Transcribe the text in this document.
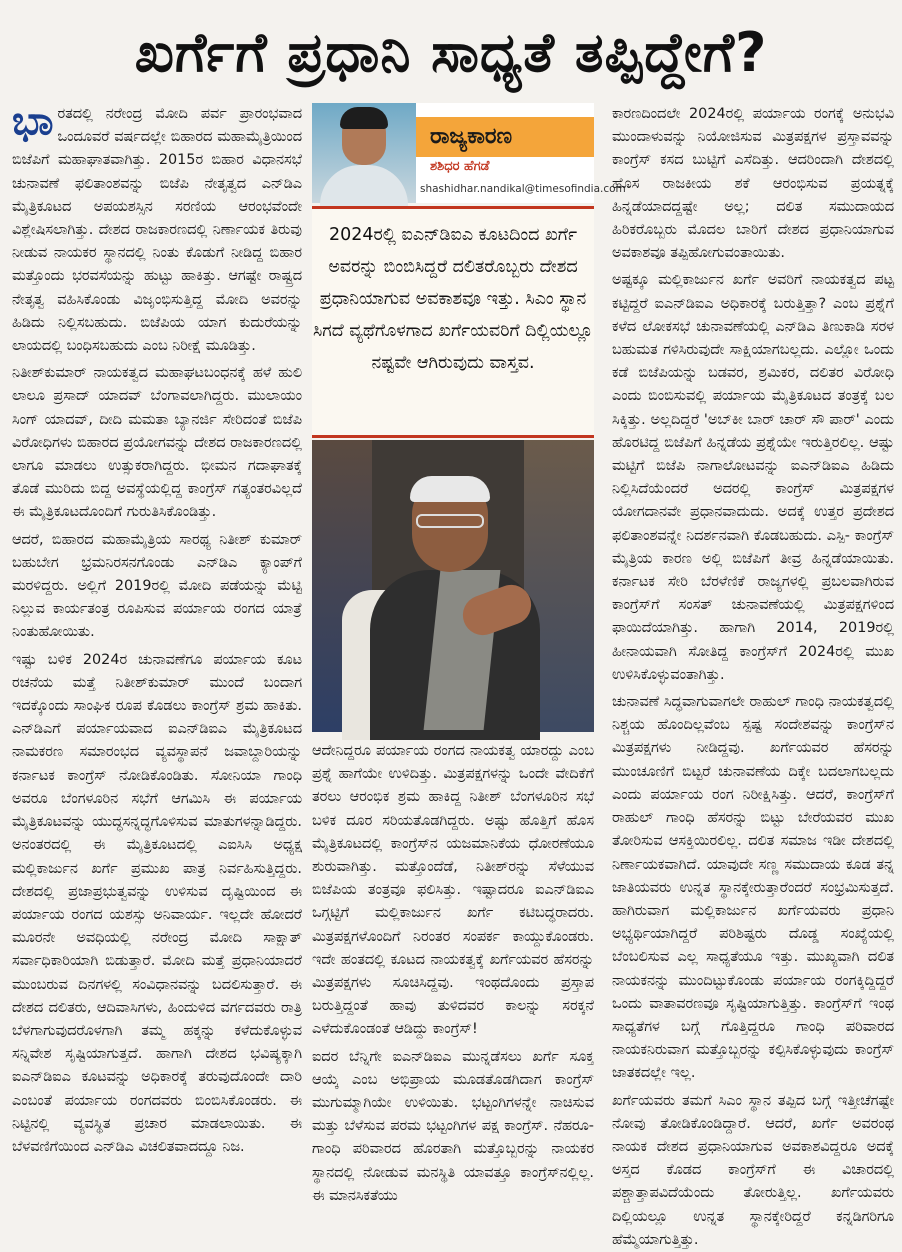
ಖರ್ಗೆಗೆ ಪ್ರಧಾನಿ ಸಾಧ್ಯತೆ ತಪ್ಪಿದ್ದೇಗೆ?

ಭಾರತದಲ್ಲಿ ನರೇಂದ್ರ ಮೋದಿ ಪರ್ವ ಪ್ರಾರಂಭವಾದ ಒಂದೂವರೆ ವರ್ಷದಲ್ಲೇ ಬಿಹಾರದ ಮಹಾಮೈತ್ರಿಯಿಂದ ಬಿಜೆಪಿಗೆ ಮಹಾಘಾತವಾಗಿತ್ತು. 2015ರ ಬಿಹಾರ ವಿಧಾನಸಭೆ ಚುನಾವಣೆ ಫಲಿತಾಂಶವನ್ನು ಬಿಜೆಪಿ ನೇತೃತ್ವದ ಎನ್‌ಡಿಎ ಮೈತ್ರಿಕೂಟದ ಅಪಯಶಸ್ಸಿನ ಸರಣಿಯ ಆರಂಭವೆಂದೇ ವಿಶ್ಲೇಷಿಸಲಾಗಿತ್ತು. ದೇಶದ ರಾಜಕಾರಣದಲ್ಲಿ ನಿರ್ಣಾಯಕ ತಿರುವು ನೀಡುವ ನಾಯಕರ ಸ್ಥಾನದಲ್ಲಿ ನಿಂತು ಕೊಡುಗೆ ನೀಡಿದ್ದ ಬಿಹಾರ ಮತ್ತೊಂದು ಭರವಸೆಯನ್ನು ಹುಟ್ಟು ಹಾಕಿತ್ತು. ಆಗಷ್ಟೇ ರಾಷ್ಟ್ರದ ನೇತೃತ್ವ ವಹಿಸಿಕೊಂಡು ವಿಜೃಂಭಿಸುತ್ತಿದ್ದ ಮೋದಿ ಅವರನ್ನು ಹಿಡಿದು ನಿಲ್ಲಿಸಬಹುದು. ಬಿಜೆಪಿಯ ಯಾಗ ಕುದುರೆಯನ್ನು ಲಾಯದಲ್ಲಿ ಬಂಧಿಸಬಹುದು ಎಂಬ ನಿರೀಕ್ಷೆ ಮೂಡಿತ್ತು.

ನಿತೀಶ್‌ಕುಮಾರ್ ನಾಯಕತ್ವದ ಮಹಾಘಟಬಂಧನಕ್ಕೆ ಹಳೆ ಹುಲಿ ಲಾಲೂ ಪ್ರಸಾದ್ ಯಾದವ್ ಬೆಂಗಾವಲಾಗಿದ್ದರು. ಮುಲಾಯಂ ಸಿಂಗ್ ಯಾದವ್, ದೀದಿ ಮಮತಾ ಬ್ಯಾನರ್ಜಿ ಸೇರಿದಂತೆ ಬಿಜೆಪಿ ವಿರೋಧಿಗಳು ಬಿಹಾರದ ಪ್ರಯೋಗವನ್ನು ದೇಶದ ರಾಜಕಾರಣದಲ್ಲಿ ಲಾಗೂ ಮಾಡಲು ಉತ್ಸುಕರಾಗಿದ್ದರು. ಭೀಮನ ಗದಾಘಾತಕ್ಕೆ ತೊಡೆ ಮುರಿದು ಬಿದ್ದ ಅವಸ್ಥೆಯಲ್ಲಿದ್ದ ಕಾಂಗ್ರೆಸ್ ಗತ್ಯಂತರವಿಲ್ಲದೆ ಈ ಮೈತ್ರಿಕೂಟದೊಂದಿಗೆ ಗುರುತಿಸಿಕೊಂಡಿತ್ತು.

ಆದರೆ, ಬಿಹಾರದ ಮಹಾಮೈತ್ರಿಯ ಸಾರಥ್ಯ ನಿತೀಶ್ ಕುಮಾರ್ ಬಹುಬೇಗ ಭ್ರಮನಿರಸನಗೊಂಡು ಎನ್‌ಡಿಎ ಕ್ಯಾಂಪ್‌ಗೆ ಮರಳಿದ್ದರು. ಅಲ್ಲಿಗೆ 2019ರಲ್ಲಿ ಮೋದಿ ಪಡೆಯನ್ನು ಮೆಟ್ಟಿ ನಿಲ್ಲುವ ಕಾರ್ಯತಂತ್ರ ರೂಪಿಸುವ ಪರ್ಯಾಯ ರಂಗದ ಯಾತ್ರೆ ನಿಂತುಹೋಯಿತು.

ಇಷ್ಟು ಬಳಿಕ 2024ರ ಚುನಾವಣೆಗೂ ಪರ್ಯಾಯ ಕೂಟ ರಚನೆಯ ಮತ್ತೆ ನಿತೀಶ್‌ಕುಮಾರ್ ಮುಂದೆ ಬಂದಾಗ ಇದಕ್ಕೊಂದು ಸಾಂಘಿಕ ರೂಪ ಕೊಡಲು ಕಾಂಗ್ರೆಸ್ ಶ್ರಮ ಹಾಕಿತು. ಎನ್‌ಡಿಎಗೆ ಪರ್ಯಾಯವಾದ ಐಎನ್‌ಡಿಐಎ ಮೈತ್ರಿಕೂಟದ ನಾಮಕರಣ ಸಮಾರಂಭದ ವ್ಯವಸ್ಥಾಪನೆ ಜವಾಬ್ದಾರಿಯನ್ನು ಕರ್ನಾಟಕ ಕಾಂಗ್ರೆಸ್ ನೋಡಿಕೊಂಡಿತು. ಸೋನಿಯಾ ಗಾಂಧಿ ಅವರೂ ಬೆಂಗಳೂರಿನ ಸಭೆಗೆ ಆಗಮಿಸಿ ಈ ಪರ್ಯಾಯ ಮೈತ್ರಿಕೂಟವನ್ನು ಯುದ್ಧಸನ್ನದ್ಧಗೊಳಿಸುವ ಮಾತುಗಳನ್ನಾಡಿದ್ದರು. ಅನಂತರದಲ್ಲಿ ಈ ಮೈತ್ರಿಕೂಟದಲ್ಲಿ ಎಐಸಿಸಿ ಅಧ್ಯಕ್ಷ ಮಲ್ಲಿಕಾರ್ಜುನ ಖರ್ಗೆ ಪ್ರಮುಖ ಪಾತ್ರ ನಿರ್ವಹಿಸುತ್ತಿದ್ದರು. ದೇಶದಲ್ಲಿ ಪ್ರಜಾಪ್ರಭುತ್ವವನ್ನು ಉಳಿಸುವ ದೃಷ್ಟಿಯಿಂದ ಈ ಪರ್ಯಾಯ ರಂಗದ ಯಶಸ್ಸು ಅನಿವಾರ್ಯ. ಇಲ್ಲದೇ ಹೋದರೆ ಮೂರನೇ ಅವಧಿಯಲ್ಲಿ ನರೇಂದ್ರ ಮೋದಿ ಸಾಕ್ಷಾತ್ ಸರ್ವಾಧಿಕಾರಿಯಾಗಿ ಬಿಡುತ್ತಾರೆ. ಮೋದಿ ಮತ್ತೆ ಪ್ರಧಾನಿಯಾದರೆ ಮುಂಬರುವ ದಿನಗಳಲ್ಲಿ ಸಂವಿಧಾನವನ್ನು ಬದಲಿಸುತ್ತಾರೆ. ಈ ದೇಶದ ದಲಿತರು, ಆದಿವಾಸಿಗಳು, ಹಿಂದುಳಿದ ವರ್ಗದವರು ರಾತ್ರಿ ಬೆಳಗಾಗುವುದರೊಳಗಾಗಿ ತಮ್ಮ ಹಕ್ಕನ್ನು ಕಳೆದುಕೊಳ್ಳುವ ಸನ್ನಿವೇಶ ಸೃಷ್ಟಿಯಾಗುತ್ತದೆ. ಹಾಗಾಗಿ ದೇಶದ ಭವಿಷ್ಯಕ್ಕಾಗಿ ಐಎನ್‌ಡಿಐಎ ಕೂಟವನ್ನು ಅಧಿಕಾರಕ್ಕೆ ತರುವುದೊಂದೇ ದಾರಿ ಎಂಬಂತೆ ಪರ್ಯಾಯ ರಂಗದವರು ಬಿಂಬಿಸಿಕೊಂಡರು. ಈ ನಿಟ್ಟಿನಲ್ಲಿ ವ್ಯವಸ್ಥಿತ ಪ್ರಚಾರ ಮಾಡಲಾಯಿತು. ಈ ಬೆಳವಣಿಗೆಯಿಂದ ಎನ್‌ಡಿಎ ವಿಚಲಿತವಾದದ್ದೂ ನಿಜ.

ರಾಜ್ಯಕಾರಣ
ಶಶಿಧರ ಹೆಗಡೆ
shashidhar.nandikal@timesofindia.com
2024ರಲ್ಲಿ ಐಎನ್‌ಡಿಐಎ ಕೂಟದಿಂದ ಖರ್ಗೆ ಅವರನ್ನು ಬಿಂಬಿಸಿದ್ದರೆ ದಲಿತರೊಬ್ಬರು ದೇಶದ ಪ್ರಧಾನಿಯಾಗುವ ಅವಕಾಶವೂ ಇತ್ತು. ಸಿಎಂ ಸ್ಥಾನ ಸಿಗದೆ ವ್ಯಥೆಗೊಳಗಾದ ಖರ್ಗೆಯವರಿಗೆ ದಿಲ್ಲಿಯಲ್ಲೂ ನಷ್ಟವೇ ಆಗಿರುವುದು ವಾಸ್ತವ.

ಆದೇನಿದ್ದರೂ ಪರ್ಯಾಯ ರಂಗದ ನಾಯಕತ್ವ ಯಾರದ್ದು ಎಂಬ ಪ್ರಶ್ನೆ ಹಾಗೆಯೇ ಉಳಿದಿತ್ತು. ಮಿತ್ರಪಕ್ಷಗಳನ್ನು ಒಂದೇ ವೇದಿಕೆಗೆ ತರಲು ಆರಂಭಿಕ ಶ್ರಮ ಹಾಕಿದ್ದ ನಿತೀಶ್ ಬೆಂಗಳೂರಿನ ಸಭೆ ಬಳಿಕ ದೂರ ಸರಿಯತೊಡಗಿದ್ದರು. ಅಷ್ಟು ಹೊತ್ತಿಗೆ ಹೊಸ ಮೈತ್ರಿಕೂಟದಲ್ಲಿ ಕಾಂಗ್ರೆಸ್‌ನ ಯಜಮಾನಿಕೆಯ ಧೋರಣೆಯೂ ಶುರುವಾಗಿತ್ತು. ಮತ್ತೊಂದೆಡೆ, ನಿತೀಶ್‌ರನ್ನು ಸೆಳೆಯುವ ಬಿಜೆಪಿಯ ತಂತ್ರವೂ ಫಲಿಸಿತ್ತು. ಇಷ್ಟಾದರೂ ಐಎನ್‌ಡಿಐಎ ಒಗ್ಗಟ್ಟಿಗೆ ಮಲ್ಲಿಕಾರ್ಜುನ ಖರ್ಗೆ ಕಟಿಬದ್ಧರಾದರು. ಮಿತ್ರಪಕ್ಷಗಳೊಂದಿಗೆ ನಿರಂತರ ಸಂಪರ್ಕ ಕಾಯ್ದುಕೊಂಡರು. ಇದೇ ಹಂತದಲ್ಲಿ ಕೂಟದ ನಾಯಕತ್ವಕ್ಕೆ ಖರ್ಗೆಯವರ ಹೆಸರನ್ನು ಮಿತ್ರಪಕ್ಷಗಳು ಸೂಚಿಸಿದ್ದವು. ಇಂಥದೊಂದು ಪ್ರಸ್ತಾಪ ಬರುತ್ತಿದ್ದಂತೆ ಹಾವು ತುಳಿದವರ ಕಾಲನ್ನು ಸರಕ್ಕನೆ ಎಳೆದುಕೊಂಡಂತೆ ಆಡಿದ್ದು ಕಾಂಗ್ರೆಸ್!

ಐದರ ಬೆನ್ನಿಗೇ ಐಎನ್‌ಡಿಐಎ ಮುನ್ನಡೆಸಲು ಖರ್ಗೆ ಸೂಕ್ತ ಆಯ್ಕೆ ಎಂಬ ಅಭಿಪ್ರಾಯ ಮೂಡತೊಡಗಿದಾಗ ಕಾಂಗ್ರೆಸ್ ಮುಗುಮ್ಮಾಗಿಯೇ ಉಳಿಯಿತು. ಭಟ್ಟಂಗಿಗಳನ್ನೇ ನಾಚಿಸುವ ಮತ್ತು ಬೆಳೆಸುವ ಪರಮ ಭಟ್ಟಂಗಿಗಳ ಪಕ್ಷ ಕಾಂಗ್ರೆಸ್. ನೆಹರೂ- ಗಾಂಧಿ ಪರಿವಾರದ ಹೊರತಾಗಿ ಮತ್ತೊಬ್ಬರನ್ನು ನಾಯಕರ ಸ್ಥಾನದಲ್ಲಿ ನೋಡುವ ಮನಸ್ಥಿತಿ ಯಾವತ್ತೂ ಕಾಂಗ್ರೆಸ್‌ನಲ್ಲಿಲ್ಲ. ಈ ಮಾನಸಿಕತೆಯು

ಕಾರಣದಿಂದಲೇ 2024ರಲ್ಲಿ ಪರ್ಯಾಯ ರಂಗಕ್ಕೆ ಅನುಭವಿ ಮುಂದಾಳುವನ್ನು ನಿಯೋಜಿಸುವ ಮಿತ್ರಪಕ್ಷಗಳ ಪ್ರಸ್ತಾವವನ್ನು ಕಾಂಗ್ರೆಸ್ ಕಸದ ಬುಟ್ಟಿಗೆ ಎಸೆದಿತ್ತು. ಆದರಿಂದಾಗಿ ದೇಶದಲ್ಲಿ ಹೊಸ ರಾಜಕೀಯ ಶಕೆ ಆರಂಭಿಸುವ ಪ್ರಯತ್ನಕ್ಕೆ ಹಿನ್ನಡೆಯಾದದ್ದಷ್ಟೇ ಅಲ್ಲ; ದಲಿತ ಸಮುದಾಯದ ಹಿರಿಕರೊಬ್ಬರು ಮೊದಲ ಬಾರಿಗೆ ದೇಶದ ಪ್ರಧಾನಿಯಾಗುವ ಅವಕಾಶವೂ ತಪ್ಪಿಹೋಗುವಂತಾಯಿತು.

ಅಷ್ಟಕ್ಕೂ ಮಲ್ಲಿಕಾರ್ಜುನ ಖರ್ಗೆ ಅವರಿಗೆ ನಾಯಕತ್ವದ ಪಟ್ಟ ಕಟ್ಟಿದ್ದರೆ ಐಎನ್‌ಡಿಐಎ ಅಧಿಕಾರಕ್ಕೆ ಬರುತ್ತಿತ್ತಾ? ಎಂಬ ಪ್ರಶ್ನೆಗೆ ಕಳೆದ ಲೋಕಸಭೆ ಚುನಾವಣೆಯಲ್ಲಿ ಎನ್‌ಡಿಎ ತಿಣುಕಾಡಿ ಸರಳ ಬಹುಮತ ಗಳಿಸಿರುವುದೇ ಸಾಕ್ಷಿಯಾಗಬಲ್ಲದು. ಎಲ್ಲೋ ಒಂದು ಕಡೆ ಬಿಜೆಪಿಯನ್ನು ಬಡವರ, ಶ್ರಮಿಕರ, ದಲಿತರ ವಿರೋಧಿ ಎಂದು ಬಿಂಬಿಸುವಲ್ಲಿ ಪರ್ಯಾಯ ಮೈತ್ರಿಕೂಟದ ತಂತ್ರಕ್ಕೆ ಬಲ ಸಿಕ್ಕಿತ್ತು. ಅಲ್ಲದಿದ್ದರೆ 'ಅಬ್‌ಕೀ ಬಾರ್ ಚಾರ್ ಸೌ ಪಾರ್' ಎಂದು ಹೊರಟಿದ್ದ ಬಿಜೆಪಿಗೆ ಹಿನ್ನಡೆಯ ಪ್ರಶ್ನೆಯೇ ಇರುತ್ತಿರಲಿಲ್ಲ. ಆಷ್ಟು ಮಟ್ಟಿಗೆ ಬಿಜೆಪಿ ನಾಗಾಲೋಟವನ್ನು ಐಎನ್‌ಡಿಐಎ ಹಿಡಿದು ನಿಲ್ಲಿಸಿದೆಯೆಂದರೆ ಅದರಲ್ಲಿ ಕಾಂಗ್ರೆಸ್ ಮಿತ್ರಪಕ್ಷಗಳ ಯೋಗದಾನವೇ ಪ್ರಧಾನವಾದುದು. ಅದಕ್ಕೆ ಉತ್ತರ ಪ್ರದೇಶದ ಫಲಿತಾಂಶವನ್ನೇ ನಿದರ್ಶನವಾಗಿ ಕೊಡಬಹುದು. ಎಸ್ಪಿ- ಕಾಂಗ್ರೆಸ್ ಮೈತ್ರಿಯ ಕಾರಣ ಅಲ್ಲಿ ಬಿಜೆಪಿಗೆ ತೀವ್ರ ಹಿನ್ನಡೆಯಾಯಿತು. ಕರ್ನಾಟಕ ಸೇರಿ ಬೆರಳೆಣಿಕೆ ರಾಜ್ಯಗಳಲ್ಲಿ ಪ್ರಬಲವಾಗಿರುವ ಕಾಂಗ್ರೆಸ್‌ಗೆ ಸಂಸತ್ ಚುನಾವಣೆಯಲ್ಲಿ ಮಿತ್ರಪಕ್ಷಗಳಿಂದ ಫಾಯಿದೆಯಾಗಿತ್ತು. ಹಾಗಾಗಿ 2014, 2019ರಲ್ಲಿ ಹೀನಾಯವಾಗಿ ಸೋತಿದ್ದ ಕಾಂಗ್ರೆಸ್‌ಗೆ 2024ರಲ್ಲಿ ಮುಖ ಉಳಿಸಿಕೊಳ್ಳುವಂತಾಗಿತ್ತು.

ಚುನಾವಣೆ ಸಿದ್ಧವಾಗುವಾಗಲೇ ರಾಹುಲ್ ಗಾಂಧಿ ನಾಯಕತ್ವದಲ್ಲಿ ನಿಶ್ಚಯ ಹೊಂದಿಲ್ಲವೆಂಬ ಸ್ಪಷ್ಟ ಸಂದೇಶವನ್ನು ಕಾಂಗ್ರೆಸ್‌ನ ಮಿತ್ರಪಕ್ಷಗಳು ನೀಡಿದ್ದವು. ಖರ್ಗೆಯವರ ಹೆಸರನ್ನು ಮುಂಚೂಣಿಗೆ ಬಿಟ್ಟರೆ ಚುನಾವಣೆಯ ದಿಕ್ಕೇ ಬದಲಾಗಬಲ್ಲದು ಎಂದು ಪರ್ಯಾಯ ರಂಗ ನಿರೀಕ್ಷಿಸಿತ್ತು. ಆದರೆ, ಕಾಂಗ್ರೆಸ್‌ಗೆ ರಾಹುಲ್ ಗಾಂಧಿ ಹೆಸರನ್ನು ಬಿಟ್ಟು ಬೇರೆಯವರ ಮುಖ ತೋರಿಸುವ ಆಸಕ್ತಿಯಿರಲಿಲ್ಲ. ದಲಿತ ಸಮಾಜ ಇಡೀ ದೇಶದಲ್ಲಿ ನಿರ್ಣಾಯಕವಾಗಿದೆ. ಯಾವುದೇ ಸಣ್ಣ ಸಮುದಾಯ ಕೂಡ ತನ್ನ ಜಾತಿಯವರು ಉನ್ನತ ಸ್ಥಾನಕ್ಕೇರುತ್ತಾರೆಂದರೆ ಸಂಭ್ರಮಿಸುತ್ತದೆ. ಹಾಗಿರುವಾಗ ಮಲ್ಲಿಕಾರ್ಜುನ ಖರ್ಗೆಯವರು ಪ್ರಧಾನಿ ಅಭ್ಯರ್ಥಿಯಾಗಿದ್ದರೆ ಪರಿಶಿಷ್ಟರು ದೊಡ್ಡ ಸಂಖ್ಯೆಯಲ್ಲಿ ಬೆಂಬಲಿಸುವ ಎಲ್ಲ ಸಾಧ್ಯತೆಯೂ ಇತ್ತು. ಮುಖ್ಯವಾಗಿ ದಲಿತ ನಾಯಕನನ್ನು ಮುಂದಿಟ್ಟುಕೊಂಡು ಪರ್ಯಾಯ ರಂಗಕ್ಕಿದ್ದಿದ್ದರೆ ಒಂದು ವಾತಾವರಣವೂ ಸೃಷ್ಟಿಯಾಗುತ್ತಿತ್ತು. ಕಾಂಗ್ರೆಸ್‌ಗೆ ಇಂಥ ಸಾಧ್ಯತೆಗಳ ಬಗ್ಗೆ ಗೊತ್ತಿದ್ದರೂ ಗಾಂಧಿ ಪರಿವಾರದ ನಾಯಕನಿರುವಾಗ ಮತ್ತೊಬ್ಬರನ್ನು ಕಲ್ಪಿಸಿಕೊಳ್ಳುವುದು ಕಾಂಗ್ರೆಸ್ ಜಾತಕದಲ್ಲೇ ಇಲ್ಲ.

ಖರ್ಗೆಯವರು ತಮಗೆ ಸಿಎಂ ಸ್ಥಾನ ತಪ್ಪಿದ ಬಗ್ಗೆ ಇತ್ತೀಚೆಗಷ್ಟೇ ನೋವು ತೋಡಿಕೊಂಡಿದ್ದಾರೆ. ಆದರೆ, ಖರ್ಗೆ ಅವರಂಥ ನಾಯಕ ದೇಶದ ಪ್ರಧಾನಿಯಾಗುವ ಅವಕಾಶವಿದ್ದರೂ ಅದಕ್ಕೆ ಅಸ್ತದ ಕೊಡದ ಕಾಂಗ್ರೆಸ್‌ಗೆ ಈ ವಿಚಾರದಲ್ಲಿ ಪಶ್ಚಾತ್ತಾಪವಿದೆಯೆಂದು ತೋರುತ್ತಿಲ್ಲ. ಖರ್ಗೆಯವರು ದಿಲ್ಲಿಯಲ್ಲೂ ಉನ್ನತ ಸ್ಥಾನಕ್ಕೇರಿದ್ದರೆ ಕನ್ನಡಿಗರಿಗೂ ಹೆಮ್ಮೆಯಾಗುತ್ತಿತ್ತು.
